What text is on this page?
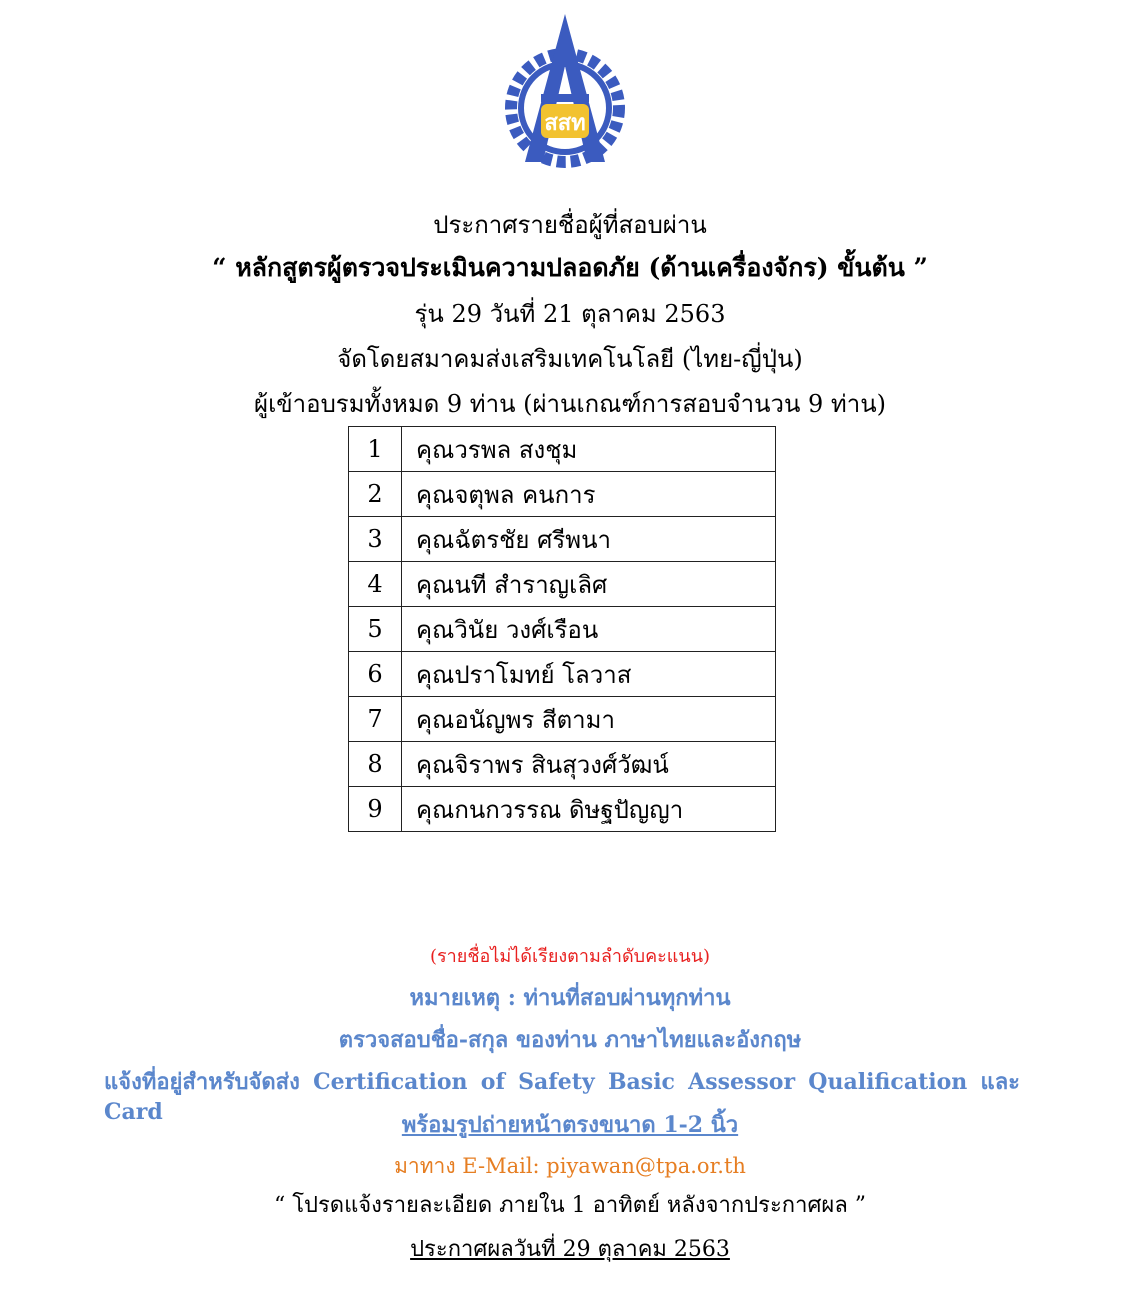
สสท
ประกาศรายชื่อผู้ที่สอบผ่าน
“ หลักสูตรผู้ตรวจประเมินความปลอดภัย (ด้านเครื่องจักร) ขั้นต้น ”
รุ่น 29 วันที่ 21 ตุลาคม 2563
จัดโดยสมาคมส่งเสริมเทคโนโลยี (ไทย-ญี่ปุ่น)
ผู้เข้าอบรมทั้งหมด 9 ท่าน (ผ่านเกณฑ์การสอบจำนวน 9 ท่าน)
1	คุณวรพล สงชุม
2	คุณจตุพล คนการ
3	คุณฉัตรชัย ศรีพนา
4	คุณนที สำราญเลิศ
5	คุณวินัย วงศ์เรือน
6	คุณปราโมทย์ โลวาส
7	คุณอนัญพร สีตามา
8	คุณจิราพร สินสุวงศ์วัฒน์
9	คุณกนกวรรณ ดิษฐปัญญา
(รายชื่อไม่ได้เรียงตามลำดับคะแนน)
หมายเหตุ : ท่านที่สอบผ่านทุกท่าน
ตรวจสอบชื่อ-สกุล ของท่าน ภาษาไทยและอังกฤษ
แจ้งที่อยู่สำหรับจัดส่ง Certification of Safety Basic Assessor Qualification และ Card	พร้อมรูปถ่ายหน้าตรงขนาด 1-2 นิ้ว
มาทาง E-Mail: piyawan@tpa.or.th
“ โปรดแจ้งรายละเอียด ภายใน 1 อาทิตย์ หลังจากประกาศผล ”
ประกาศผลวันที่ 29 ตุลาคม 2563
